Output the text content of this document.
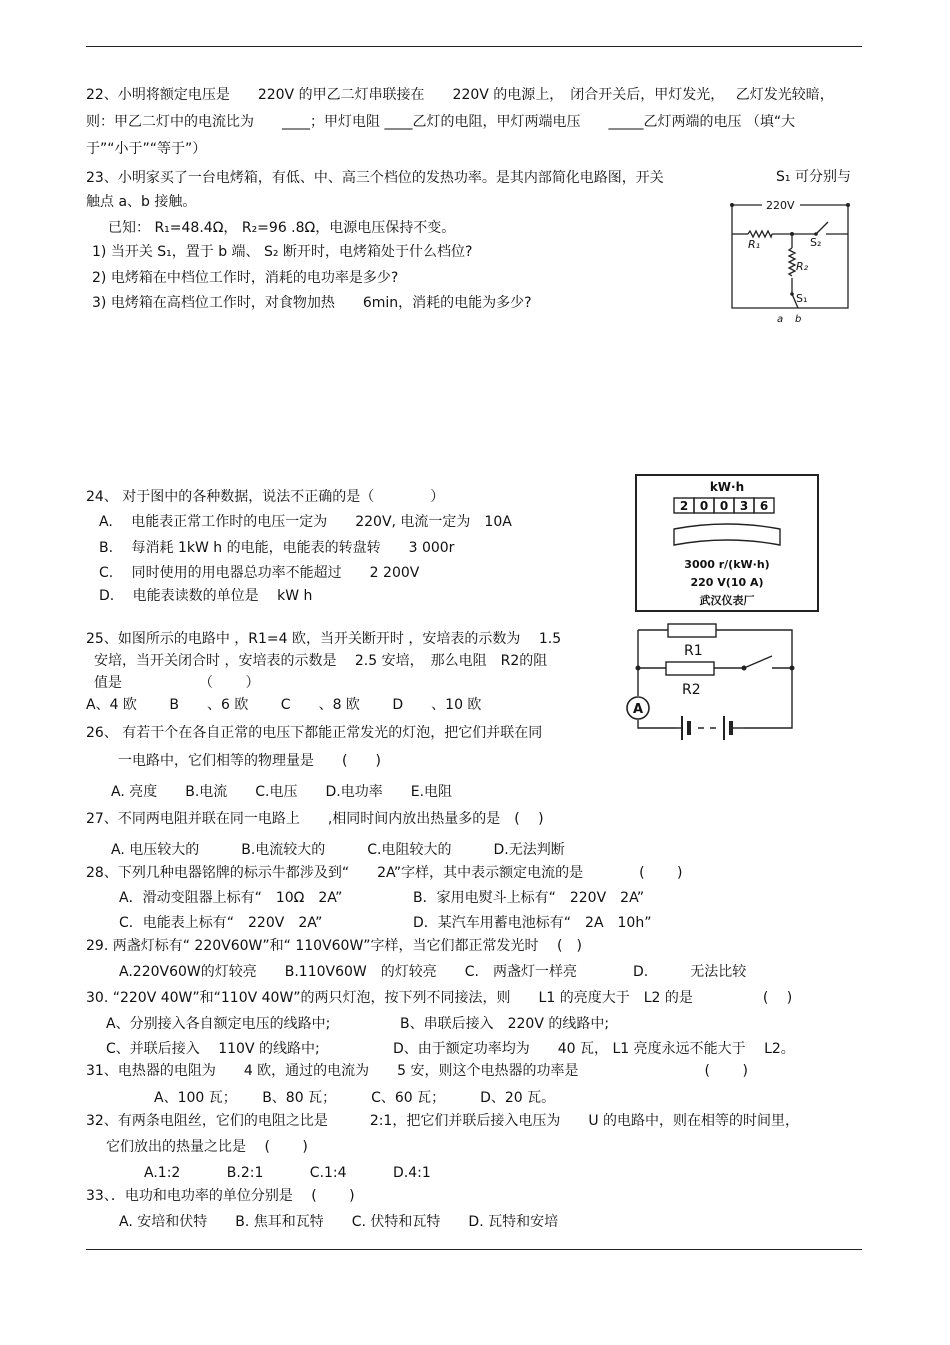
22、小明将额定电压是　　220V 的甲乙二灯串联接在　　220V 的电源上，　闭合开关后，甲灯发光，　 乙灯发光较暗，
则：甲乙二灯中的电流比为　　____；甲灯电阻 ____乙灯的电阻，甲灯两端电压　　_____乙灯两端的电压 （填“大
于”“小于”“等于”）
23、小明家买了一台电烤箱，有低、中、高三个档位的发热功率。是其内部简化电路图，开关	S₁ 可分别与
触点 a、b 接触。
已知： R₁=48.4Ω， R₂=96 .8Ω，电源电压保持不变。
1) 当开关 S₁，置于 b 端、 S₂ 断开时，电烤箱处于什么档位?
2) 电烤箱在中档位工作时，消耗的电功率是多少?
3) 电烤箱在高档位工作时，对食物加热　　6min，消耗的电能为多少?
220V
R₁
R₂
S₂
S₁
a b
24、 对于图中的各种数据，说法不正确的是（　　　　）
A.　 电能表正常工作时的电压一定为　　220V, 电流一定为　10A
B.　 每消耗 1kW h 的电能，电能表的转盘转　　3 000r
C.　 同时使用的用电器总功率不能超过　　2 200V
D.　 电能表读数的单位是　 kW h
kW·h
2 0 0 3 6
3000 r/(kW·h)
220 V(10 A)
武汉仪表厂
25、如图所示的电路中 ，R1=4 欧，当开关断开时 ，安培表的示数为　 1.5
安培，当开关闭合时 ，安培表的示数是　 2.5 安培，　那么电阻　R2的阻
值是　　　　　　（　　 ）
A、4 欧　　 B　　、6 欧　　 C　　、8 欧　　 D　　、10 欧	A
R1
R2
26、 有若干个在各自正常的电压下都能正常发光的灯泡，把它们并联在同
一电路中，它们相等的物理量是　　(　　)
A. 亮度　　B.电流　　C.电压　　D.电功率　　E.电阻
27、不同两电阻并联在同一电路上　　,相同时间内放出热量多的是　(　 )
A. 电压较大的　　　B.电流较大的　　　C.电阻较大的　　　D.无法判断
28、下列几种电器铭牌的标示牛都涉及到“　　2A”字样，其中表示额定电流的是　　　　(　　 )
A．滑动变阻器上标有“　10Ω　2A”	B．家用电熨斗上标有“　220V　2A”
C．电能表上标有“　220V　2A”	D．某汽车用蓄电池标有“　2A　10h”
29. 两盏灯标有“ 220V60W”和“ 110V60W”字样，当它们都正常发光时　 (　)
A.220V60W的灯较亮　　B.110V60W　的灯较亮　　C.　两盏灯一样亮　　　　D.　　　无法比较
30. “220V 40W”和“110V 40W”的两只灯泡，按下列不同接法，则　　L1 的亮度大于　L2 的是　　　　　(　 )
A、分别接入各自额定电压的线路中;	B、串联后接入　220V 的线路中;
C、并联后接入　 110V 的线路中;	D、由于额定功率均为　　40 瓦， L1 亮度永远不能大于　 L2。
31、电热器的电阻为　　4 欧，通过的电流为　　5 安，则这个电热器的功率是　　　　　　　　　(　　 )
A、100 瓦；　　 B、80 瓦；　　　C、60 瓦；　　　D、20 瓦。
32、有两条电阻丝，它们的电阻之比是　　　2:1，把它们并联后接入电压为　　U 的电路中，则在相等的时间里，
它们放出的热量之比是　 (　　 )
A.1:2　　　 B.2:1　　　 C.1:4　　　 D.4:1
33、．电功和电功率的单位分别是　 (　　 )
A. 安培和伏特　　B. 焦耳和瓦特　　C. 伏特和瓦特　　D. 瓦特和安培
